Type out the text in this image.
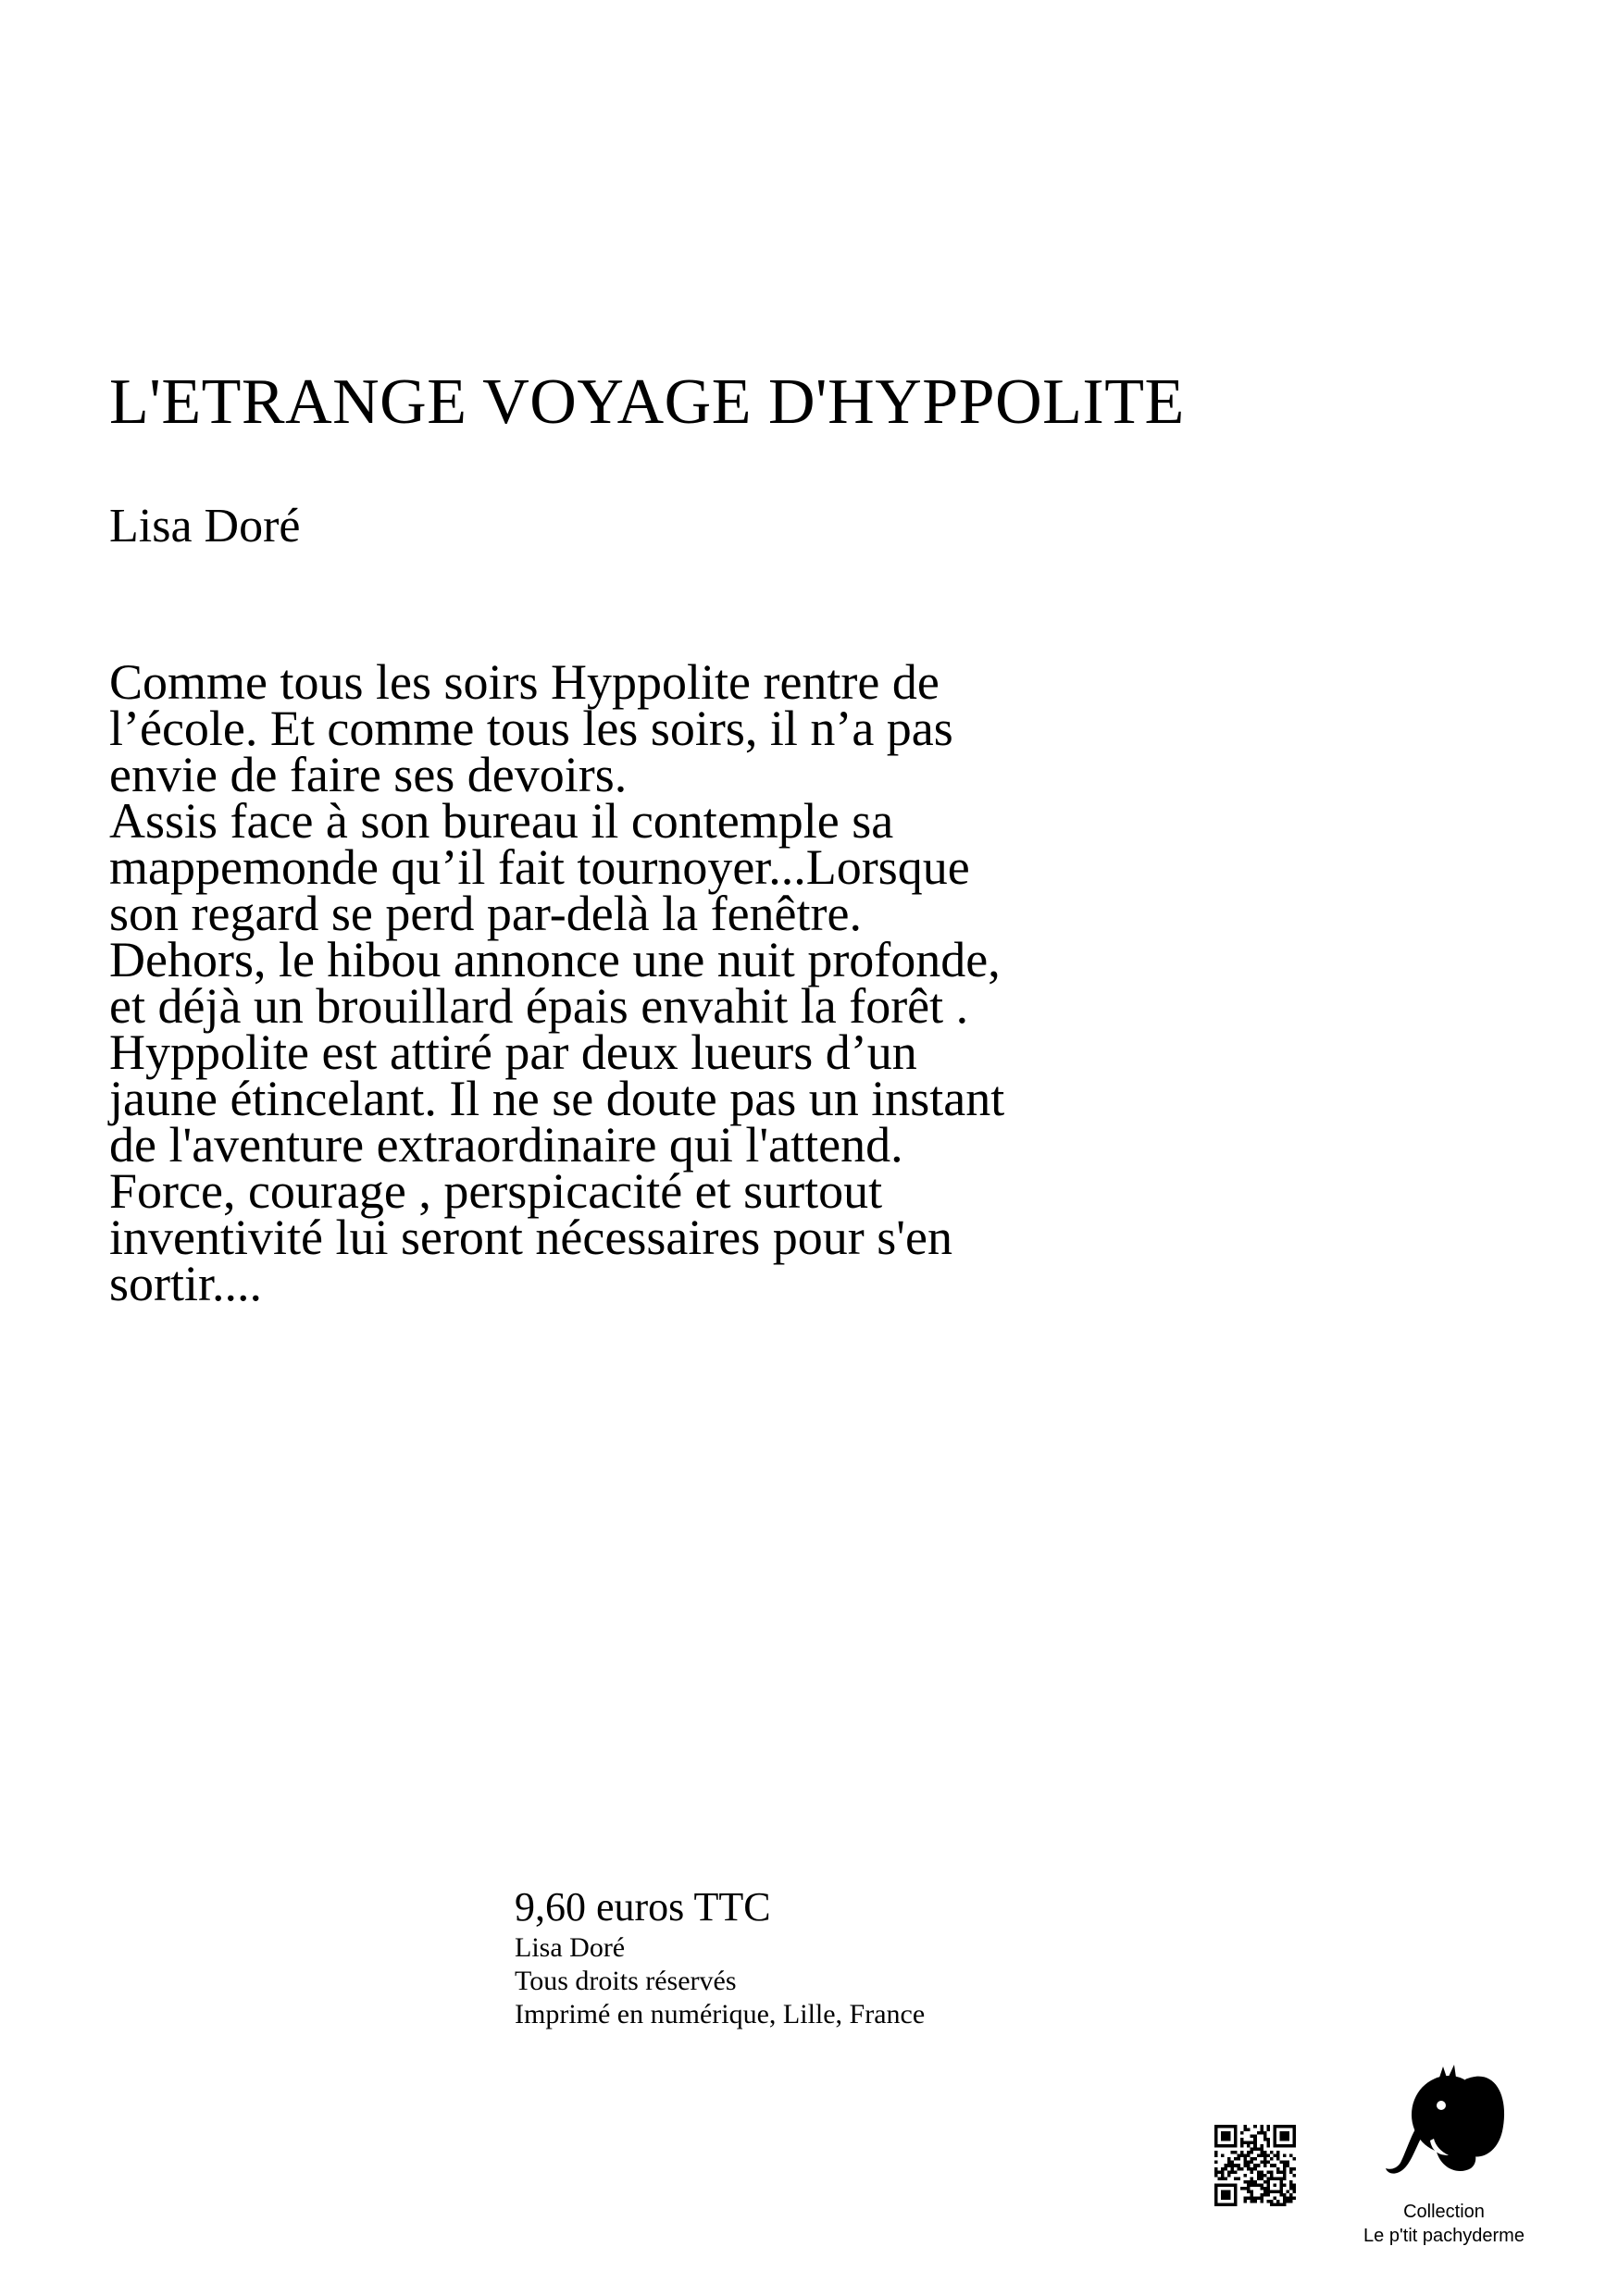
L'ETRANGE VOYAGE D'HYPPOLITE
Lisa Doré
Comme tous les soirs Hyppolite rentre de
l’école. Et comme tous les soirs, il n’a pas
envie de faire ses devoirs.
Assis face à son bureau il contemple sa
mappemonde qu’il fait tournoyer...Lorsque
son regard se perd par-delà la fenêtre.
Dehors, le hibou annonce une nuit profonde,
et déjà un brouillard épais envahit la forêt .
Hyppolite est attiré par deux lueurs d’un
jaune étincelant. Il ne se doute pas un instant
de l'aventure extraordinaire qui l'attend.
Force, courage , perspicacité et surtout
inventivité lui seront nécessaires pour s'en
sortir....
9,60 euros TTC
Lisa Doré
Tous droits réservés
Imprimé en numérique, Lille, France
Collection
Le p'tit pachyderme
